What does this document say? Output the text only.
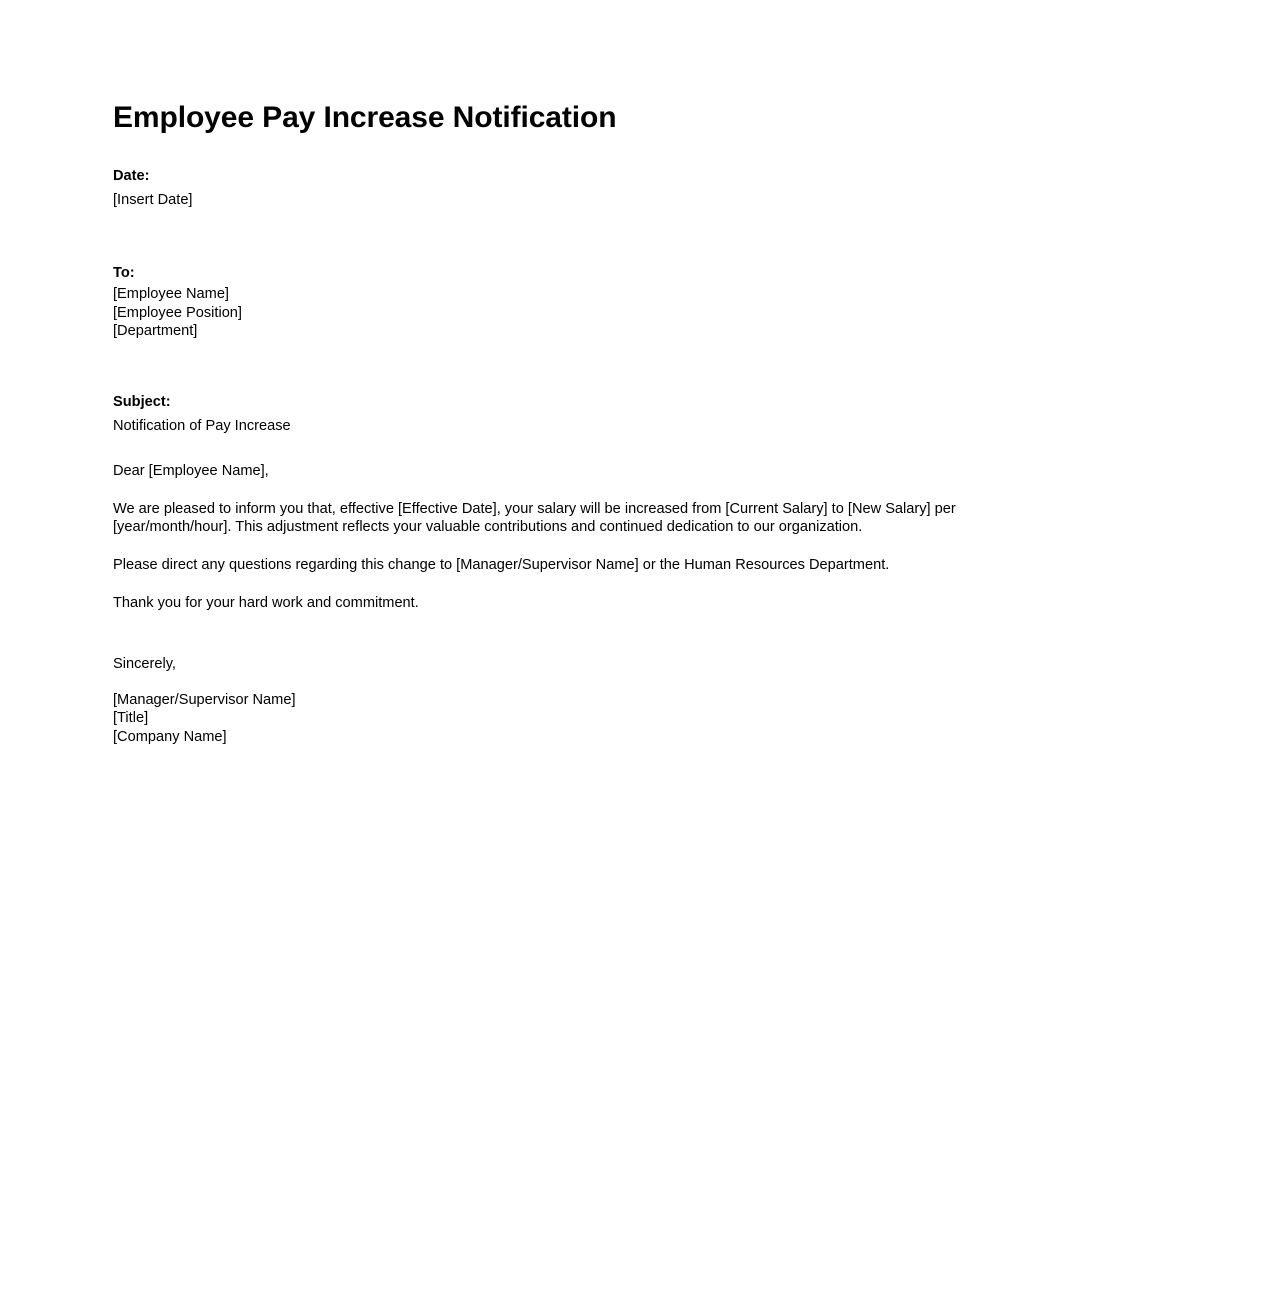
Employee Pay Increase Notification

Date:

[Insert Date]

To:

[Employee Name]

[Employee Position]

[Department]

Subject:

Notification of Pay Increase

Dear [Employee Name],

We are pleased to inform you that, effective [Effective Date], your salary will be increased from [Current Salary] to [New Salary] per [year/month/hour]. This adjustment reflects your valuable contributions and continued dedication to our organization.

Please direct any questions regarding this change to [Manager/Supervisor Name] or the Human Resources Department.

Thank you for your hard work and commitment.

Sincerely,

[Manager/Supervisor Name]

[Title]

[Company Name]
